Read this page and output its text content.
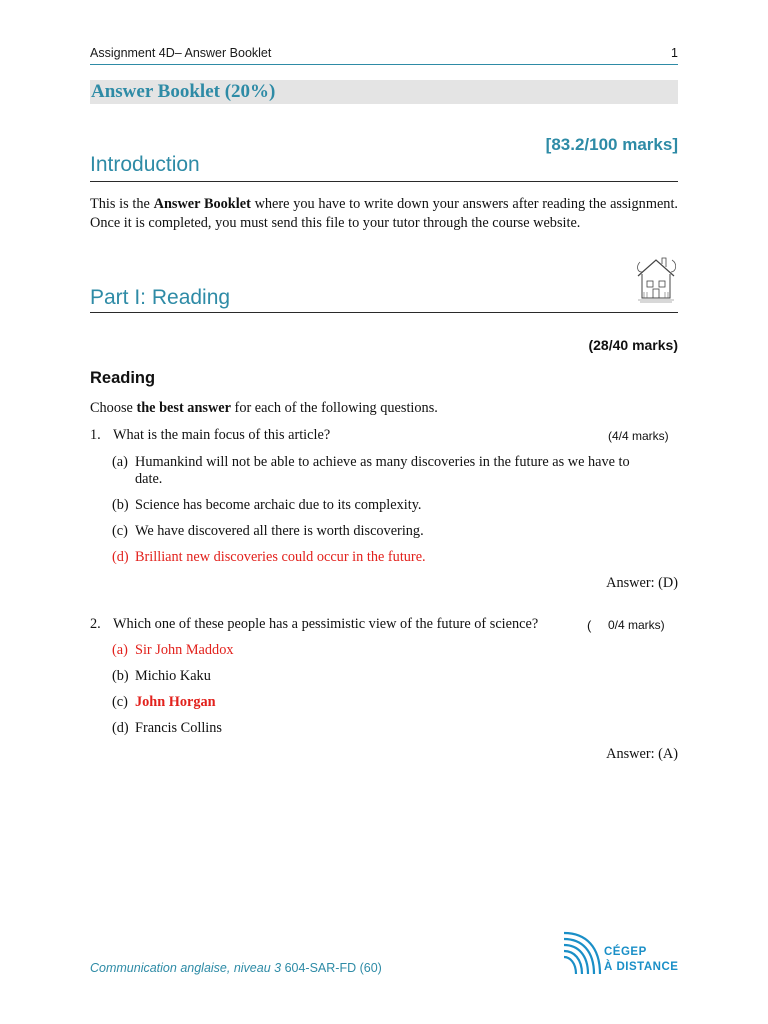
Assignment 4D– Answer Booklet	1
Answer Booklet (20%)
[83.2/100 marks]
Introduction
This is the Answer Booklet where you have to write down your answers after reading the assignment. Once it is completed, you must send this file to your tutor through the course website.
Part I: Reading
(28/40 marks)
Reading
Choose the best answer for each of the following questions.
1. What is the main focus of this article?	(4/4 marks)
(a) Humankind will not be able to achieve as many discoveries in the future as we have to
date.
(b) Science has become archaic due to its complexity.
(c) We have discovered all there is worth discovering.
(d) Brilliant new discoveries could occur in the future.
Answer: (D)
2. Which one of these people has a pessimistic view of the future of science?	( 0/4 marks)
(a) Sir John Maddox
(b) Michio Kaku
(c) John Horgan
(d) Francis Collins
Answer: (A)
Communication anglaise, niveau 3 604-SAR-FD (60)
CÉGEP
À DISTANCE
